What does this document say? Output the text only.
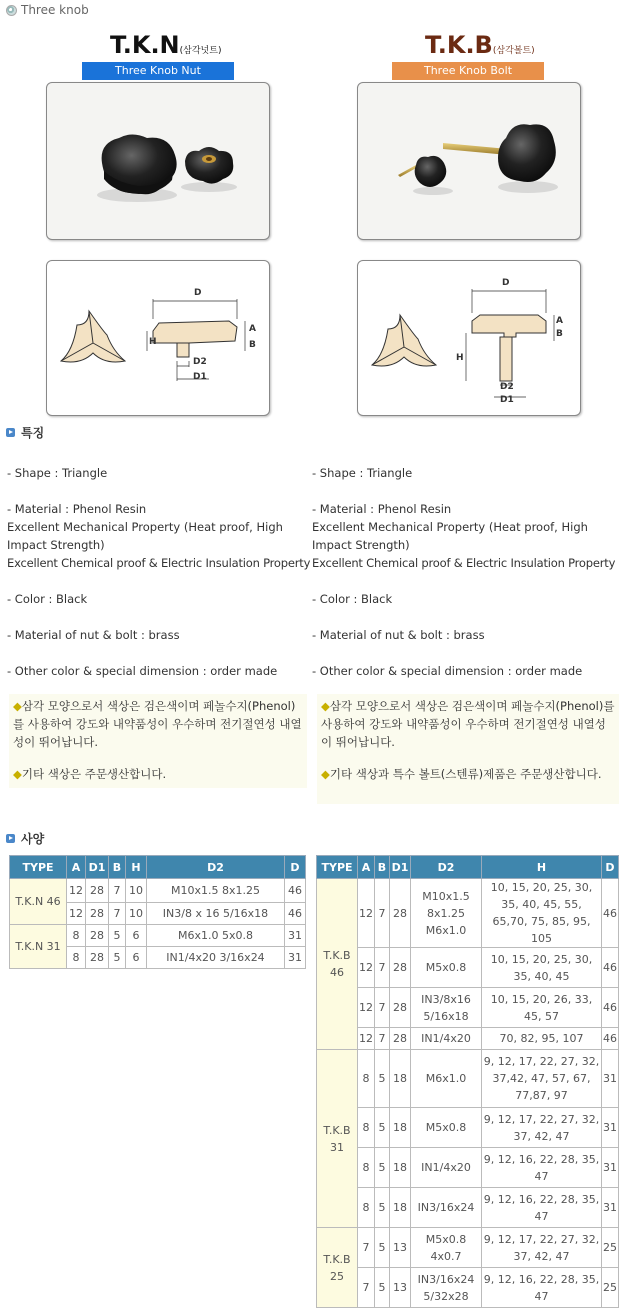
Three knob
T.K.N(삼각넛트)
Three Knob Nut
T.K.B(삼각볼트)
Three Knob Bolt
D
A
B
H
D2
D1
D
A
B
H
D2
D1
특징

- Shape : Triangle

- Material : Phenol Resin

Excellent Mechanical Property (Heat proof, High Impact Strength)

Excellent Chemical proof & Electric Insulation Property

- Color : Black

- Material of nut & bolt : brass

- Other color & special dimension : order made

- Shape : Triangle

- Material : Phenol Resin

Excellent Mechanical Property (Heat proof, High Impact Strength)

Excellent Chemical proof & Electric Insulation Property

- Color : Black

- Material of nut & bolt : brass

- Other color & special dimension : order made

◆삼각 모양으로서 색상은 검은색이며 페놀수지(Phenol)를 사용하여 강도와 내약품성이 우수하며 전기절연성 내열성이 뛰어납니다.
◆기타 색상은 주문생산합니다.
◆삼각 모양으로서 색상은 검은색이며 페놀수지(Phenol)를 사용하여 강도와 내약품성이 우수하며 전기절연성 내열성이 뛰어납니다.
◆기타 색상과 특수 볼트(스텐류)제품은 주문생산합니다.
사양
TYPE	A	D1	B	H	D2	D
T.K.N 46	12	28	7	10	M10x1.5 8x1.25	46
	12	28	7	10	IN3/8 x 16 5/16x18	46
T.K.N 31	8	28	5	6	M6x1.0 5x0.8	31
	8	28	5	6	IN1/4x20 3/16x24	31
TYPE	A	B	D1	D2	H	D
T.K.B 46	12	7	28	M10x1.5 8x1.25 M6x1.0	10, 15, 20, 25, 30, 35, 40, 45, 55, 65,70, 75, 85, 95, 105	46
	12	7	28	M5x0.8	10, 15, 20, 25, 30, 35, 40, 45	46
	12	7	28	IN3/8x16 5/16x18	10, 15, 20, 26, 33, 45, 57	46
	12	7	28	IN1/4x20	70, 82, 95, 107	46
T.K.B 31	8	5	18	M6x1.0	9, 12, 17, 22, 27, 32, 37,42, 47, 57, 67, 77,87, 97	31
	8	5	18	M5x0.8	9, 12, 17, 22, 27, 32, 37, 42, 47	31
	8	5	18	IN1/4x20	9, 12, 16, 22, 28, 35, 47	31
	8	5	18	IN3/16x24	9, 12, 16, 22, 28, 35, 47	31
T.K.B 25	7	5	13	M5x0.8 4x0.7	9, 12, 17, 22, 27, 32, 37, 42, 47	25
	7	5	13	IN3/16x24 5/32x28	9, 12, 16, 22, 28, 35, 47	25
